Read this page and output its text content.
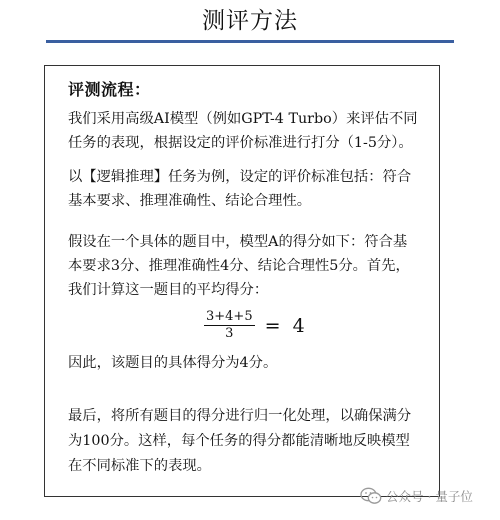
测评方法
评测流程：
我们采用高级AI模型（例如GPT-4 Turbo）来评估不同
任务的表现，根据设定的评价标准进行打分（1-5分）。
以【逻辑推理】任务为例，设定的评价标准包括：符合
基本要求、推理准确性、结论合理性。
假设在一个具体的题目中，模型A的得分如下：符合基
本要求3分、推理准确性4分、结论合理性5分。首先，
我们计算这一题目的平均得分：
$\frac{3+4+5}{3} = 4$
因此，该题目的具体得分为4分。
最后，将所有题目的得分进行归一化处理，以确保满分
为100分。这样，每个任务的得分都能清晰地反映模型
在不同标准下的表现。
公众号 · 量子位
